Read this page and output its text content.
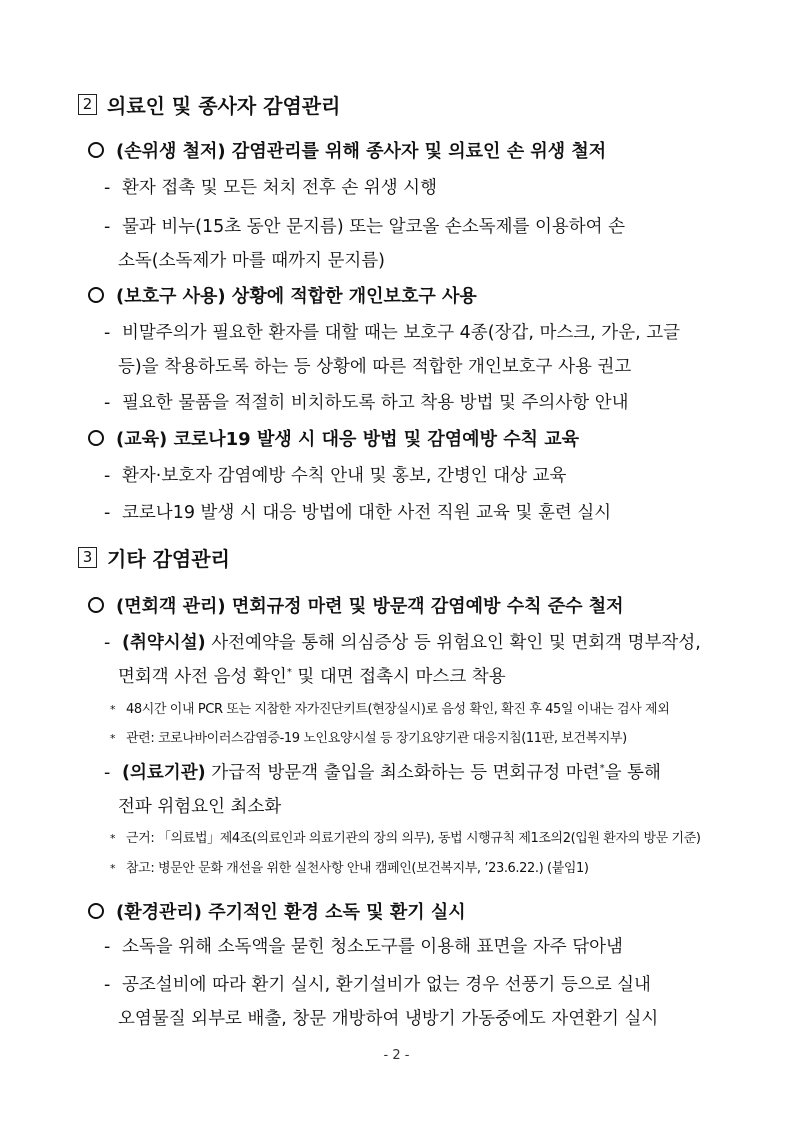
2 의료인 및 종사자 감염관리
(손위생 철저) 감염관리를 위해 종사자 및 의료인 손 위생 철저
- 환자 접촉 및 모든 처치 전후 손 위생 시행
- 물과 비누(15초 동안 문지름) 또는 알코올 손소독제를 이용하여 손
소독(소독제가 마를 때까지 문지름)
(보호구 사용) 상황에 적합한 개인보호구 사용
- 비말주의가 필요한 환자를 대할 때는 보호구 4종(장갑, 마스크, 가운, 고글
등)을 착용하도록 하는 등 상황에 따른 적합한 개인보호구 사용 권고
- 필요한 물품을 적절히 비치하도록 하고 착용 방법 및 주의사항 안내
(교육) 코로나19 발생 시 대응 방법 및 감염예방 수칙 교육
- 환자·보호자 감염예방 수칙 안내 및 홍보, 간병인 대상 교육
- 코로나19 발생 시 대응 방법에 대한 사전 직원 교육 및 훈련 실시
3 기타 감염관리
(면회객 관리) 면회규정 마련 및 방문객 감염예방 수칙 준수 철저
- (취약시설) 사전예약을 통해 의심증상 등 위험요인 확인 및 면회객 명부작성,
면회객 사전 음성 확인* 및 대면 접촉시 마스크 착용
* 48시간 이내 PCR 또는 지참한 자가진단키트(현장실시)로 음성 확인, 확진 후 45일 이내는 검사 제외
* 관련: 코로나바이러스감염증-19 노인요양시설 등 장기요양기관 대응지침(11판, 보건복지부)
- (의료기관) 가급적 방문객 출입을 최소화하는 등 면회규정 마련*을 통해
전파 위험요인 최소화
* 근거: 「의료법」제4조(의료인과 의료기관의 장의 의무), 동법 시행규칙 제1조의2(입원 환자의 방문 기준)
* 참고: 병문안 문화 개선을 위한 실천사항 안내 캠페인(보건복지부, ’23.6.22.) (붙임1)
(환경관리) 주기적인 환경 소독 및 환기 실시
- 소독을 위해 소독액을 묻힌 청소도구를 이용해 표면을 자주 닦아냄
- 공조설비에 따라 환기 실시, 환기설비가 없는 경우 선풍기 등으로 실내
오염물질 외부로 배출, 창문 개방하여 냉방기 가동중에도 자연환기 실시
- 2 -
